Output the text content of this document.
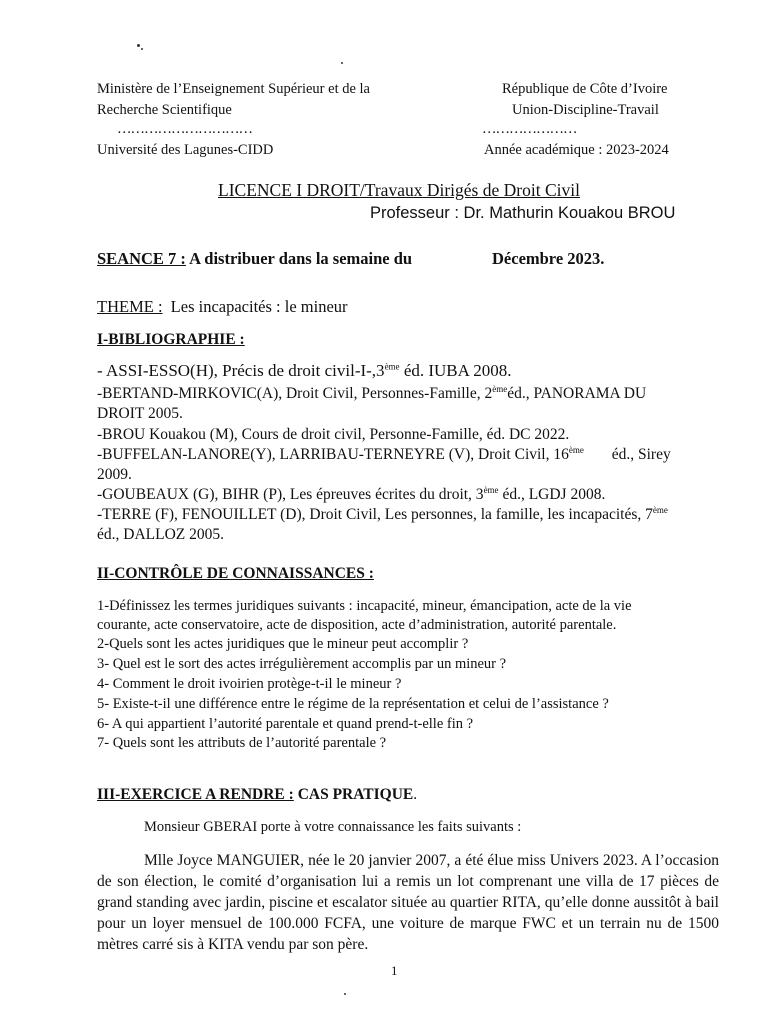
Ministère de l’Enseignement Supérieur et de la
Recherche Scientifique
…………………………
Université des Lagunes-CIDD
République de Côte d’Ivoire
Union-Discipline-Travail
…………………
Année académique : 2023-2024
LICENCE I DROIT/Travaux Dirigés de Droit Civil
Professeur : Dr. Mathurin Kouakou BROU
SEANCE 7 : A distribuer dans la semaine du	Décembre 2023.
THEME : Les incapacités : le mineur
I-BIBLIOGRAPHIE :
- ASSI-ESSO(H), Précis de droit civil-I-,3ème éd. IUBA 2008.
-BERTAND-MIRKOVIC(A), Droit Civil, Personnes-Famille, 2èmeéd., PANORAMA DU
DROIT 2005.
-BROU Kouakou (M), Cours de droit civil, Personne-Famille, éd. DC 2022.
-BUFFELAN-LANORE(Y), LARRIBAU-TERNEYRE (V), Droit Civil, 16ème éd., Sirey
2009.
-GOUBEAUX (G), BIHR (P), Les épreuves écrites du droit, 3ème éd., LGDJ 2008.
-TERRE (F), FENOUILLET (D), Droit Civil, Les personnes, la famille, les incapacités, 7ème
éd., DALLOZ 2005.
II-CONTRÔLE DE CONNAISSANCES :
1-Définissez les termes juridiques suivants : incapacité, mineur, émancipation, acte de la vie
courante, acte conservatoire, acte de disposition, acte d’administration, autorité parentale.
2-Quels sont les actes juridiques que le mineur peut accomplir ?
3- Quel est le sort des actes irrégulièrement accomplis par un mineur ?
4- Comment le droit ivoirien protège-t-il le mineur ?
5- Existe-t-il une différence entre le régime de la représentation et celui de l’assistance ?
6- A qui appartient l’autorité parentale et quand prend-t-elle fin ?
7- Quels sont les attributs de l’autorité parentale ?
III-EXERCICE A RENDRE : CAS PRATIQUE.
Monsieur GBERAI porte à votre connaissance les faits suivants :
Mlle Joyce MANGUIER, née le 20 janvier 2007, a été élue miss Univers 2023. A l’occasion de son élection, le comité d’organisation lui a remis un lot comprenant une villa de 17 pièces de grand standing avec jardin, piscine et escalator située au quartier RITA, qu’elle donne aussitôt à bail pour un loyer mensuel de 100.000 FCFA, une voiture de marque FWC et un terrain nu de 1500 mètres carré sis à KITA vendu par son père.
1
